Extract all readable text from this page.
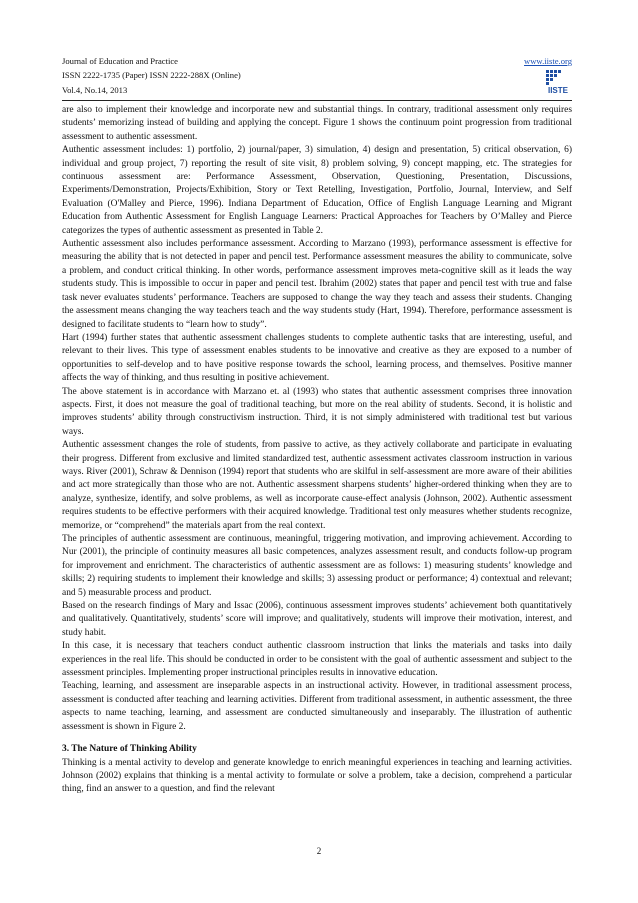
Journal of Education and Practice
ISSN 2222-1735 (Paper) ISSN 2222-288X (Online)
Vol.4, No.14, 2013
www.iiste.org
IISTE

are also to implement their knowledge and incorporate new and substantial things. In contrary, traditional assessment only requires students’ memorizing instead of building and applying the concept. Figure 1 shows the continuum point progression from traditional assessment to authentic assessment.

Authentic assessment includes: 1) portfolio, 2) journal/paper, 3) simulation, 4) design and presentation, 5) critical observation, 6) individual and group project, 7) reporting the result of site visit, 8) problem solving, 9) concept mapping, etc. The strategies for continuous assessment are: Performance Assessment, Observation, Questioning, Presentation, Discussions, Experiments/Demonstration, Projects/Exhibition, Story or Text Retelling, Investigation, Portfolio, Journal, Interview, and Self Evaluation (O'Malley and Pierce, 1996). Indiana Department of Education, Office of English Language Learning and Migrant Education from Authentic Assessment for English Language Learners: Practical Approaches for Teachers by O’Malley and Pierce categorizes the types of authentic assessment as presented in Table 2.

Authentic assessment also includes performance assessment. According to Marzano (1993), performance assessment is effective for measuring the ability that is not detected in paper and pencil test. Performance assessment measures the ability to communicate, solve a problem, and conduct critical thinking. In other words, performance assessment improves meta-cognitive skill as it leads the way students study. This is impossible to occur in paper and pencil test. Ibrahim (2002) states that paper and pencil test with true and false task never evaluates students’ performance. Teachers are supposed to change the way they teach and assess their students. Changing the assessment means changing the way teachers teach and the way students study (Hart, 1994). Therefore, performance assessment is designed to facilitate students to “learn how to study”.

Hart (1994) further states that authentic assessment challenges students to complete authentic tasks that are interesting, useful, and relevant to their lives. This type of assessment enables students to be innovative and creative as they are exposed to a number of opportunities to self-develop and to have positive response towards the school, learning process, and themselves. Positive manner affects the way of thinking, and thus resulting in positive achievement.

The above statement is in accordance with Marzano et. al (1993) who states that authentic assessment comprises three innovation aspects. First, it does not measure the goal of traditional teaching, but more on the real ability of students. Second, it is holistic and improves students’ ability through constructivism instruction. Third, it is not simply administered with traditional test but various ways.

Authentic assessment changes the role of students, from passive to active, as they actively collaborate and participate in evaluating their progress. Different from exclusive and limited standardized test, authentic assessment activates classroom instruction in various ways. River (2001), Schraw & Dennison (1994) report that students who are skilful in self-assessment are more aware of their abilities and act more strategically than those who are not. Authentic assessment sharpens students’ higher-ordered thinking when they are to analyze, synthesize, identify, and solve problems, as well as incorporate cause-effect analysis (Johnson, 2002). Authentic assessment requires students to be effective performers with their acquired knowledge. Traditional test only measures whether students recognize, memorize, or “comprehend” the materials apart from the real context.

The principles of authentic assessment are continuous, meaningful, triggering motivation, and improving achievement. According to Nur (2001), the principle of continuity measures all basic competences, analyzes assessment result, and conducts follow-up program for improvement and enrichment. The characteristics of authentic assessment are as follows: 1) measuring students’ knowledge and skills; 2) requiring students to implement their knowledge and skills; 3) assessing product or performance; 4) contextual and relevant; and 5) measurable process and product.

Based on the research findings of Mary and Issac (2006), continuous assessment improves students’ achievement both quantitatively and qualitatively. Quantitatively, students’ score will improve; and qualitatively, students will improve their motivation, interest, and study habit.

In this case, it is necessary that teachers conduct authentic classroom instruction that links the materials and tasks into daily experiences in the real life. This should be conducted in order to be consistent with the goal of authentic assessment and subject to the assessment principles. Implementing proper instructional principles results in innovative education.

Teaching, learning, and assessment are inseparable aspects in an instructional activity. However, in traditional assessment process, assessment is conducted after teaching and learning activities. Different from traditional assessment, in authentic assessment, the three aspects to name teaching, learning, and assessment are conducted simultaneously and inseparably. The illustration of authentic assessment is shown in Figure 2.

3. The Nature of Thinking Ability

Thinking is a mental activity to develop and generate knowledge to enrich meaningful experiences in teaching and learning activities. Johnson (2002) explains that thinking is a mental activity to formulate or solve a problem, take a decision, comprehend a particular thing, find an answer to a question, and find the relevant

2
